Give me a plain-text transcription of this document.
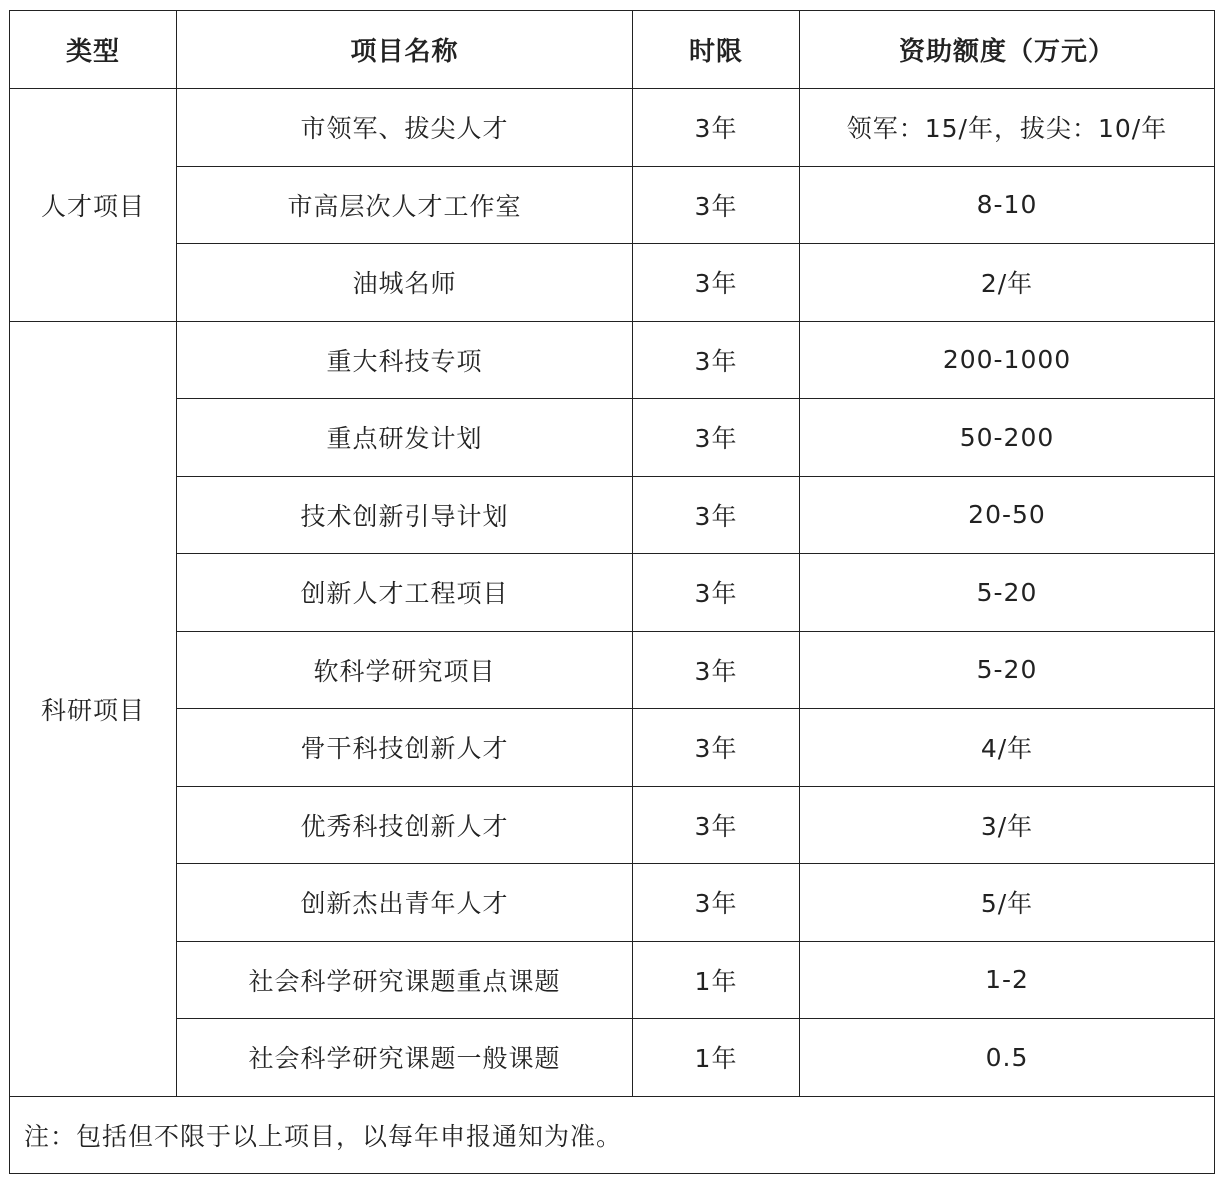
类型	项目名称	时限	资助额度（万元）
人才项目	市领军、拔尖人才	3年	领军：15/年，拔尖：10/年
	市高层次人才工作室	3年	8-10
	油城名师	3年	2/年
科研项目	重大科技专项	3年	200-1000
	重点研发计划	3年	50-200
	技术创新引导计划	3年	20-50
	创新人才工程项目	3年	5-20
	软科学研究项目	3年	5-20
	骨干科技创新人才	3年	4/年
	优秀科技创新人才	3年	3/年
	创新杰出青年人才	3年	5/年
	社会科学研究课题重点课题	1年	1-2
	社会科学研究课题一般课题	1年	0.5
注：包括但不限于以上项目，以每年申报通知为准。			
